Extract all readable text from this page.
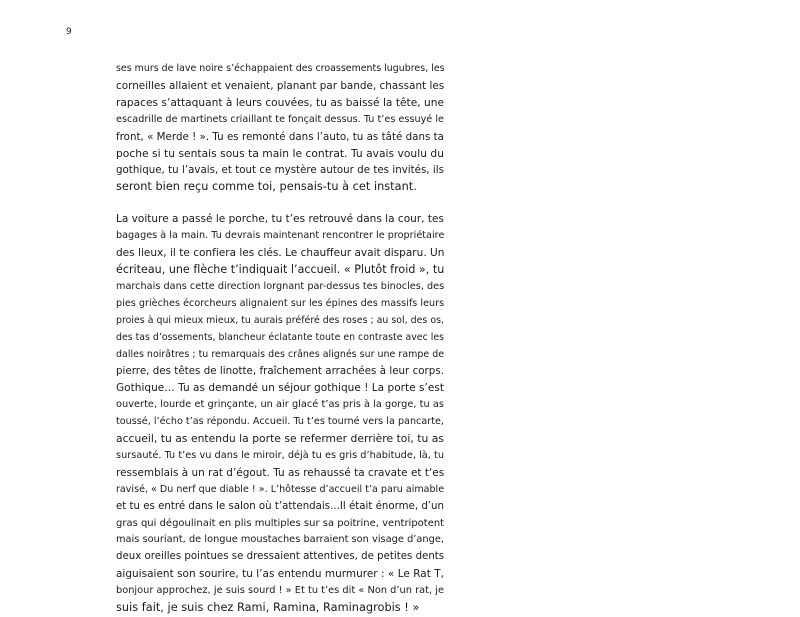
9

ses murs de lave noire s’échappaient des croassements lugubres, les
corneilles allaient et venaient, planant par bande, chassant les
rapaces s’attaquant à leurs couvées, tu as baissé la tête, une
escadrille de martinets criaillant te fonçait dessus. Tu t’es essuyé le
front, « Merde ! ». Tu es remonté dans l’auto, tu as tâté dans ta
poche si tu sentais sous ta main le contrat. Tu avais voulu du
gothique, tu l’avais, et tout ce mystère autour de tes invités, ils
seront bien reçu comme toi, pensais-tu à cet instant.

La voiture a passé le porche, tu t’es retrouvé dans la cour, tes
bagages à la main. Tu devrais maintenant rencontrer le propriétaire
des lieux, il te confiera les clés. Le chauffeur avait disparu. Un
écriteau, une flèche t’indiquait l’accueil. « Plutôt froid », tu
marchais dans cette direction lorgnant par-dessus tes binocles, des
pies grièches écorcheurs alignaient sur les épines des massifs leurs
proies à qui mieux mieux, tu aurais préféré des roses ; au sol, des os,
des tas d’ossements, blancheur éclatante toute en contraste avec les
dalles noirâtres ; tu remarquais des crânes alignés sur une rampe de
pierre, des têtes de linotte, fraîchement arrachées à leur corps.
Gothique… Tu as demandé un séjour gothique ! La porte s’est
ouverte, lourde et grinçante, un air glacé t’as pris à la gorge, tu as
toussé, l’écho t’as répondu. Accueil. Tu t’es tourné vers la pancarte,
accueil, tu as entendu la porte se refermer derrière toi, tu as
sursauté. Tu t’es vu dans le miroir, déjà tu es gris d’habitude, là, tu
ressemblais à un rat d’égout. Tu as rehaussé ta cravate et t‘es
ravisé, « Du nerf que diable ! ». L’hôtesse d’accueil t’a paru aimable
et tu es entré dans le salon où t’attendais...Il était énorme, d’un
gras qui dégoulinait en plis multiples sur sa poitrine, ventripotent
mais souriant, de longue moustaches barraient son visage d’ange,
deux oreilles pointues se dressaient attentives, de petites dents
aiguisaient son sourire, tu l’as entendu murmurer : « Le Rat T,
bonjour approchez, je suis sourd ! » Et tu t’es dit « Non d’un rat, je
suis fait, je suis chez Rami, Ramina, Raminagrobis ! »
